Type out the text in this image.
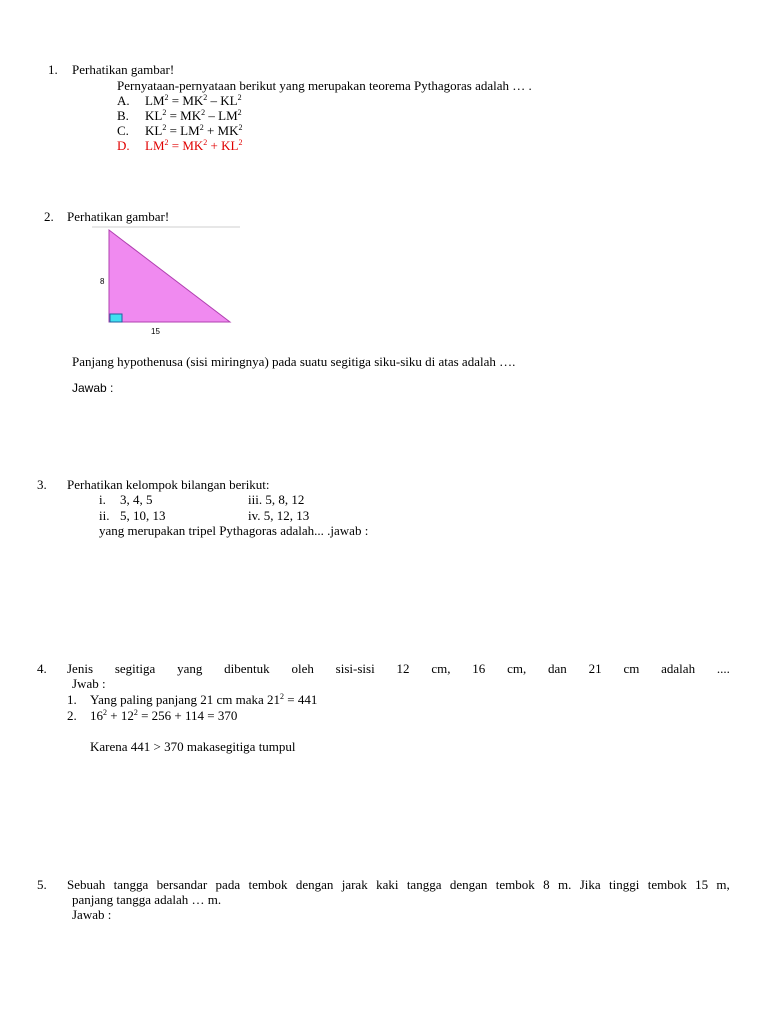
1. Perhatikan gambar!
Pernyataan-pernyataan berikut yang merupakan teorema Pythagoras adalah … .
A. $LM^2 = MK^2 - KL^2$
B. $KL^2 = MK^2 - LM^2$
C. $KL^2 = LM^2 + MK^2$
D. $LM^2 = MK^2 + KL^2$
2. Perhatikan gambar!
8
15
Panjang hypothenusa (sisi miringnya) pada suatu segitiga siku-siku di atas adalah ….
Jawab :
3. Perhatikan kelompok bilangan berikut:
i. 3, 4, 5	iii. 5, 8, 12
ii. 5, 10, 13	iv. 5, 12, 13
yang merupakan tripel Pythagoras adalah... .jawab :
4. Jenis segitiga yang dibentuk oleh sisi-sisi 12 cm, 16 cm, dan 21 cm adalah ....
Jwab :
1. Yang paling panjang 21 cm maka $21^2 = 441$
2. $16^2 + 12^2 = 256 + 114 = 370$
Karena 441 > 370 makasegitiga tumpul
5. Sebuah tangga bersandar pada tembok dengan jarak kaki tangga dengan tembok 8 m. Jika tinggi tembok 15 m,
panjang tangga adalah … m.
Jawab :
